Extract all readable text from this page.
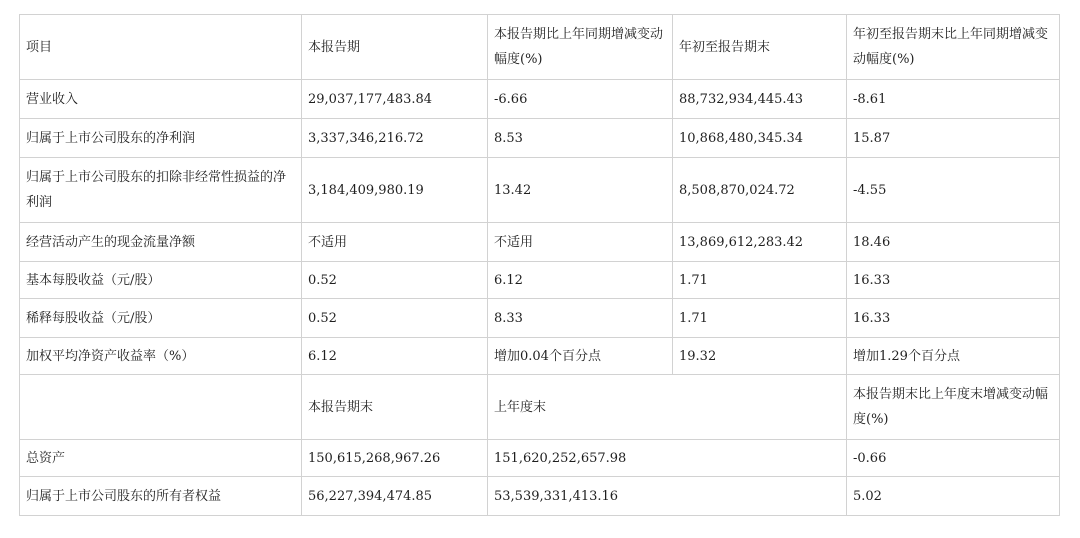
项目	本报告期	本报告期比上年同期增减变动幅度(%)	年初至报告期末	年初至报告期末比上年同期增减变动幅度(%)
营业收入	29,037,177,483.84	-6.66	88,732,934,445.43	-8.61
归属于上市公司股东的净利润	3,337,346,216.72	8.53	10,868,480,345.34	15.87
归属于上市公司股东的扣除非经常性损益的净利润	3,184,409,980.19	13.42	8,508,870,024.72	-4.55
经营活动产生的现金流量净额	不适用	不适用	13,869,612,283.42	18.46
基本每股收益（元/股）	0.52	6.12	1.71	16.33
稀释每股收益（元/股）	0.52	8.33	1.71	16.33
加权平均净资产收益率（%）	6.12	增加0.04个百分点	19.32	增加1.29个百分点
	本报告期末	上年度末		本报告期末比上年度末增减变动幅度(%)
总资产	150,615,268,967.26	151,620,252,657.98		-0.66
归属于上市公司股东的所有者权益	56,227,394,474.85	53,539,331,413.16		5.02
